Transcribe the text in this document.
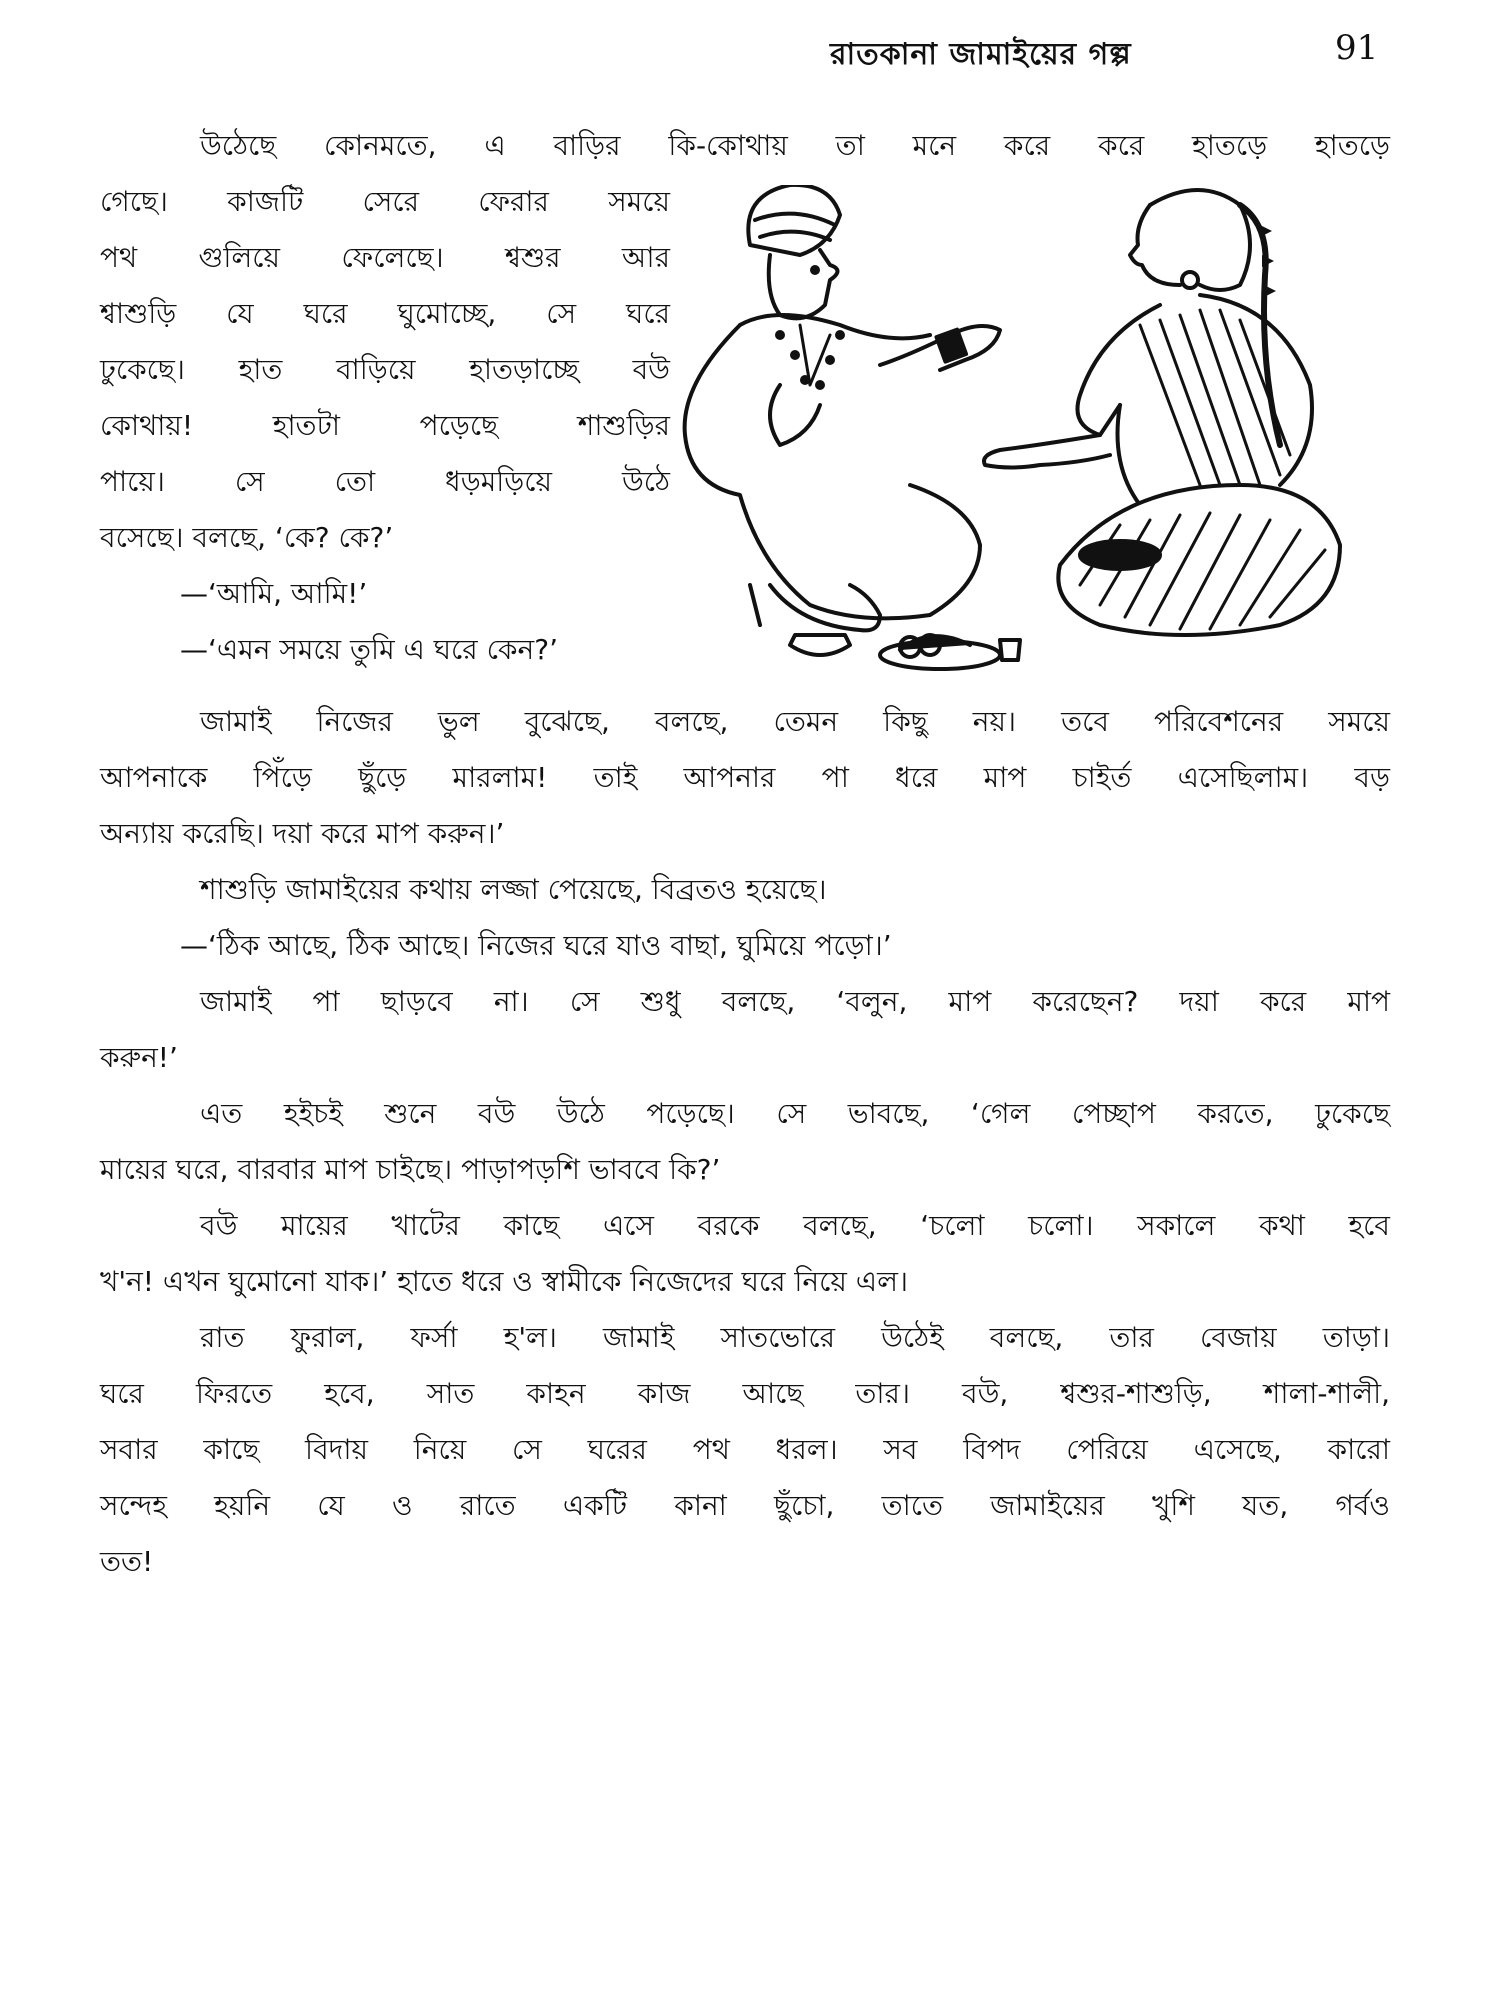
রাতকানা জামাইয়ের গল্প	91
উঠেছে কোনমতে, এ বাড়ির কি-কোথায় তা মনে করে করে হাতড়ে হাতড়ে
গেছে। কাজটি সেরে ফেরার সময়ে
পথ গুলিয়ে ফেলেছে। শ্বশুর আর
শ্বাশুড়ি যে ঘরে ঘুমোচ্ছে, সে ঘরে
ঢুকেছে। হাত বাড়িয়ে হাতড়াচ্ছে বউ
কোথায়! হাতটা পড়েছে শাশুড়ির
পায়ে। সে তো ধড়মড়িয়ে উঠে
বসেছে। বলছে, ‘কে? কে?’
—‘আমি, আমি!’
—‘এমন সময়ে তুমি এ ঘরে কেন?’
জামাই নিজের ভুল বুঝেছে, বলছে, তেমন কিছু নয়। তবে পরিবেশনের সময়ে
আপনাকে পিঁড়ে ছুঁড়ে মারলাম! তাই আপনার পা ধরে মাপ চাইর্ত এসেছিলাম। বড়
অন্যায় করেছি। দয়া করে মাপ করুন।’
শাশুড়ি জামাইয়ের কথায় লজ্জা পেয়েছে, বিব্রতও হয়েছে।
—‘ঠিক আছে, ঠিক আছে। নিজের ঘরে যাও বাছা, ঘুমিয়ে পড়ো।’
জামাই পা ছাড়বে না। সে শুধু বলছে, ‘বলুন, মাপ করেছেন? দয়া করে মাপ
করুন!’
এত হইচই শুনে বউ উঠে পড়েছে। সে ভাবছে, ‘গেল পেচ্ছাপ করতে, ঢুকেছে
মায়ের ঘরে, বারবার মাপ চাইছে। পাড়াপড়শি ভাববে কি?’
বউ মায়ের খাটের কাছে এসে বরকে বলছে, ‘চলো চলো। সকালে কথা হবে
খ'ন! এখন ঘুমোনো যাক।’ হাতে ধরে ও স্বামীকে নিজেদের ঘরে নিয়ে এল।
রাত ফুরাল, ফর্সা হ'ল। জামাই সাতভোরে উঠেই বলছে, তার বেজায় তাড়া।
ঘরে ফিরতে হবে, সাত কাহন কাজ আছে তার। বউ, শ্বশুর-শাশুড়ি, শালা-শালী,
সবার কাছে বিদায় নিয়ে সে ঘরের পথ ধরল। সব বিপদ পেরিয়ে এসেছে, কারো
সন্দেহ হয়নি যে ও রাতে একটি কানা ছুঁচো, তাতে জামাইয়ের খুশি যত, গর্বও
তত!
